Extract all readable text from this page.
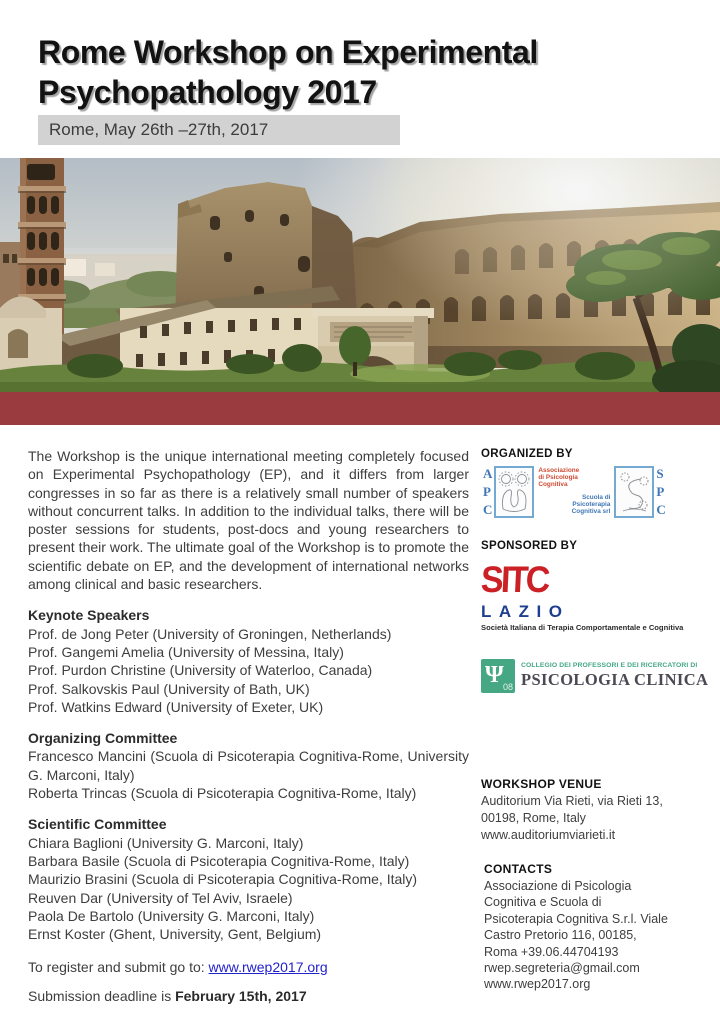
Rome Workshop on Experimental
Psychopathology 2017
Rome, May 26th –27th, 2017
The Workshop is the unique international meeting completely focused on Experimental Psychopathology (EP), and it differs from larger congresses in so far as there is a relatively small number of speakers without concurrent talks. In addition to the individual talks, there will be poster sessions for students, post-docs and young researchers to present their work. The ultimate goal of the Workshop is to promote the scientific debate on EP, and the development of international networks among clinical and basic researchers.
Keynote Speakers
Prof. de Jong Peter (University of Groningen, Netherlands)
Prof. Gangemi Amelia (University of Messina, Italy)
Prof. Purdon Christine (University of Waterloo, Canada)
Prof. Salkovskis Paul (University of Bath, UK)
Prof. Watkins Edward (University of Exeter, UK)
Organizing Committee
Francesco Mancini (Scuola di Psicoterapia Cognitiva-Rome, University G. Marconi, Italy)
Roberta Trincas (Scuola di Psicoterapia Cognitiva-Rome, Italy)
Scientific Committee
Chiara Baglioni (University G. Marconi, Italy)
Barbara Basile (Scuola di Psicoterapia Cognitiva-Rome, Italy)
Maurizio Brasini (Scuola di Psicoterapia Cognitiva-Rome, Italy)
Reuven Dar (University of Tel Aviv, Israele)
Paola De Bartolo (University G. Marconi, Italy)
Ernst Koster (Ghent, University, Gent, Belgium)
To register and submit go to: www.rwep2017.org
Submission deadline is February 15th, 2017
ORGANIZED BY
A
P
C
Associazione
di Psicologia
Cognitiva
Scuola di
Psicoterapia
Cognitiva srl
S
P
C
SPONSORED BY
SITC
LAZIO
Società Italiana di Terapia Comportamentale e Cognitiva
Ψ 08
COLLEGIO DEI PROFESSORI E DEI RICERCATORI DI
PSICOLOGIA CLINICA
WORKSHOP VENUE
Auditorium Via Rieti, via Rieti 13,
00198, Rome, Italy
www.auditoriumviarieti.it
CONTACTS
Associazione di Psicologia
Cognitiva e Scuola di
Psicoterapia Cognitiva S.r.l. Viale
Castro Pretorio 116, 00185,
Roma +39.06.44704193
rwep.segreteria@gmail.com
www.rwep2017.org
